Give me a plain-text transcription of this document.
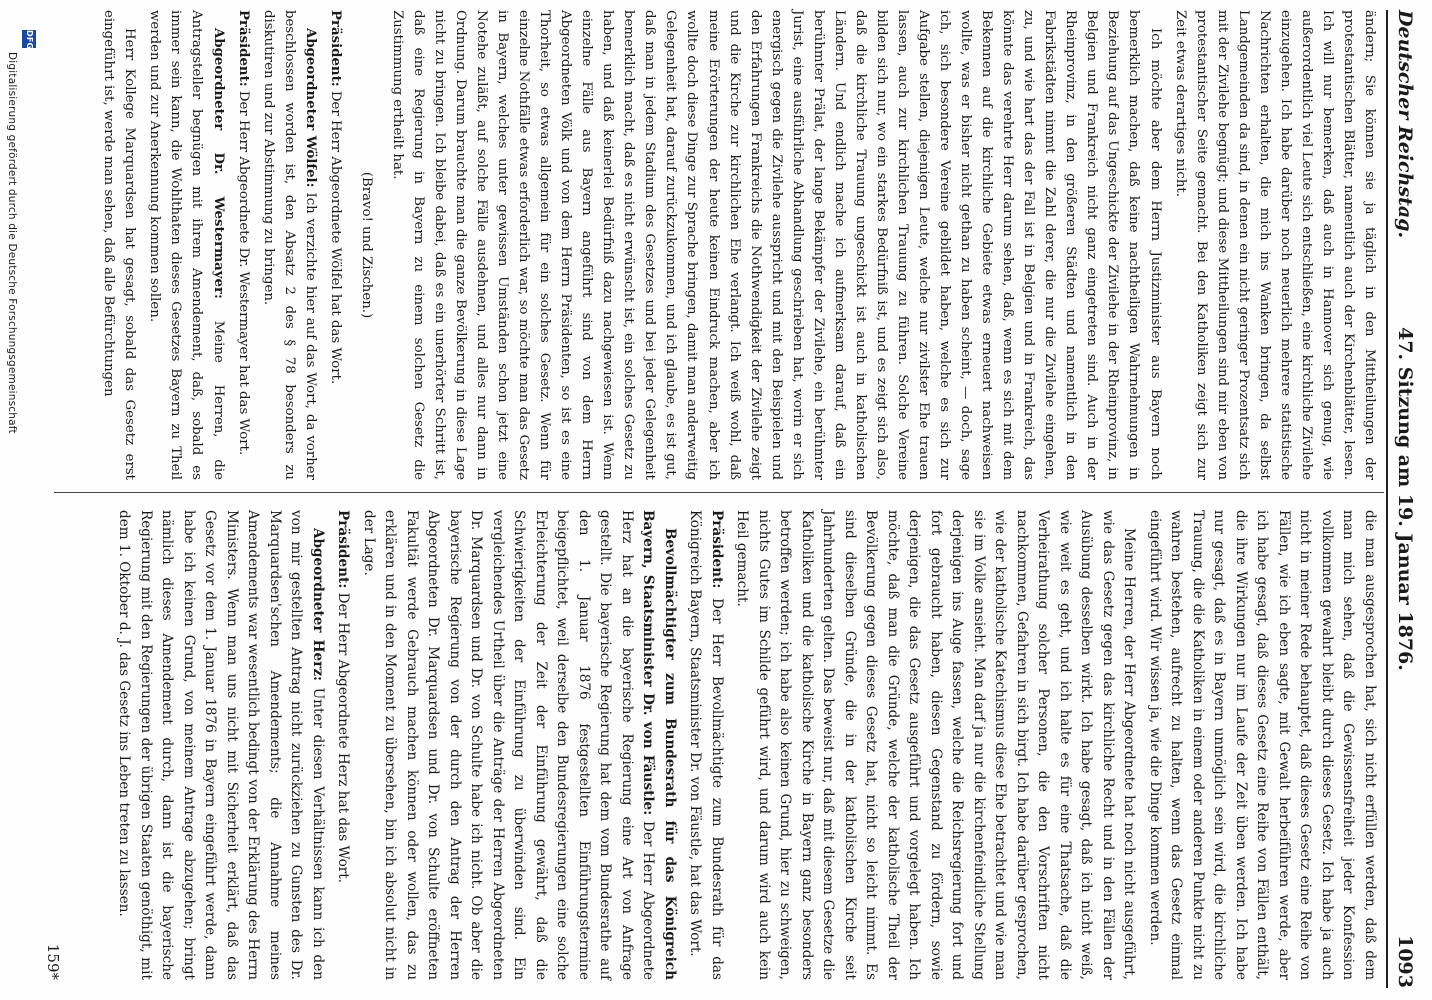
Deutscher Reichstag.
47. Sitzung am 19. Januar 1876.
1093

ändern; Sie können sie ja täglich in den Mittheilungen der protestantischen Blätter, namentlich auch der Kirchenblätter, lesen. Ich will nur bemerken, daß auch in Hannover sich genug, wie außerordentlich viel Leute sich entschließen, eine kirchliche Zivilehe einzugehen. Ich habe darüber noch neuerlich mehrere statistische Nachrichten erhalten, die mich ins Wanken bringen, da selbst Landgemeinden da sind, in denen ein nicht geringer Prozentsatz sich mit der Zivilehe begnügt; und diese Mittheilungen sind mir eben von protestantischer Seite gemacht. Bei den Katholiken zeigt sich zur Zeit etwas derartiges nicht.

Ich möchte aber dem Herrn Justizminister aus Bayern noch bemerklich machen, daß keine nachtheiligen Wahrnehmungen in Beziehung auf das Ungeschickte der Zivilehe in der Rheinprovinz, in Belgien und Frankreich nicht ganz eingetreten sind. Auch in der Rheinprovinz, in den größeren Städten und namentlich in den Fabrikstädten nimmt die Zahl derer, die nur die Zivilehe eingehen, zu, und wie hart das der Fall ist in Belgien und in Frankreich, das könnte das verehrte Herr darum sehen, daß, wenn es sich mit dem Bekennen auf die kirchliche Gebiete etwas erneuert nachweisen wollte, was er bisher nicht gethan zu haben scheint, — doch, sage ich, sich besondere Vereine gebildet haben, welche es sich zur Aufgabe stellen, diejenigen Leute, welche nur zivilster Ehe trauen lassen, auch zur kirchlichen Trauung zu führen. Solche Vereine bilden sich nur, wo ein starkes Bedürfniß ist, und es zeigt sich also, daß die kirchliche Trauung ungeschickt ist auch in katholischen Ländern. Und endlich mache ich aufmerksam darauf, daß ein berühmter Prälat, der lange Bekämpfer der Zivilehe, ein berühmter Jurist, eine ausführliche Abhandlung geschrieben hat, worin er sich energisch gegen die Zivilehe ausspricht und mit den Beispielen und den Erfahrungen Frankreichs die Nothwendigkeit der Zivilehe zeigt und die Kirche zur kirchlichen Ehe verlangt. Ich weiß wohl, daß meine Erörterungen der heute keinen Eindruck machen, aber ich wollte doch diese Dinge zur Sprache bringen, damit man anderweitig Gelegenheit hat, darauf zurückzukommen, und ich glaube, es ist gut, daß man in jedem Stadium des Gesetzes und bei jeder Gelegenheit bemerklich macht, daß es nicht erwünscht ist, ein solches Gesetz zu haben, und daß keinerlei Bedürfniß dazu nachgewiesen ist. Wenn einzelne Fälle aus Bayern angeführt sind von dem Herrn Abgeordneten Völk und von dem Herrn Präsidenten, so ist es eine Thorheit, so etwas allgemein für ein solches Gesetz. Wenn für einzelne Nothfälle etwas erforderlich war, so möchte man das Gesetz in Bayern, welches unter gewissen Umständen schon jetzt eine Notehe zuläßt, auf solche Fälle ausdehnen, und alles nur dann in Ordnung. Darum brauchte man die ganze Bevölkerung in diese Lage nicht zu bringen. Ich bleibe dabei, daß es ein unerhörter Schritt ist, daß eine Regierung in Bayern zu einem solchen Gesetz die Zustimmung ertheilt hat.

(Bravo! und Zischen.)

Präsident: Der Herr Abgeordnete Wölfel hat das Wort.

Abgeordneter Wölfel: Ich verzichte hier auf das Wort, da vorher beschlossen worden ist, den Absatz 2 des § 78 besonders zu diskutiren und zur Abstimmung zu bringen.

Präsident: Der Herr Abgeordnete Dr. Westermayer hat das Wort.

Abgeordneter Dr. Westermayer: Meine Herren, die Antragsteller begnügen mit ihrem Amendement, daß, sobald es immer sein kann, die Wohlthaten dieses Gesetzes Bayern zu Theil werden und zur Anerkennung kommen sollen.

Herr Kollege Marquardsen hat gesagt, sobald das Gesetz erst eingeführt ist, werde man sehen, daß alle Befürchtungen

die man ausgesprochen hat, sich nicht erfüllen werden, daß dem man mich sehen, daß die Gewissensfreiheit jeder Konfession vollkommen gewahrt bleibt durch dieses Gesetz. Ich habe ja auch nicht in meiner Rede behauptet, daß dieses Gesetz eine Reihe von Fällen, wie ich eben sagte, mit Gewalt herbeiführen werde, aber ich habe gesagt, daß dieses Gesetz eine Reihe von Fällen enthält, die ihre Wirkungen nur im Laufe der Zeit üben werden. Ich habe nur gesagt, daß es in Bayern unmöglich sein wird, die kirchliche Trauung, die die Katholiken in einem oder anderen Punkte nicht zu wahren bestehen, aufrecht zu halten, wenn das Gesetz einmal eingeführt wird. Wir wissen ja, wie die Dinge kommen werden.

Meine Herren, der Herr Abgeordnete hat noch nicht ausgeführt, wie das Gesetz gegen das kirchliche Recht und in den Fällen der Ausübung desselben wirkt. Ich habe gesagt, daß ich nicht weiß, wie weit es geht, und ich halte es für eine Thatsache, daß die Verheirathung solcher Personen, die den Vorschriften nicht nachkommen, Gefahren in sich birgt. Ich habe darüber gesprochen, wie der katholische Katechismus diese Ehe betrachtet und wie man sie im Volke ansieht. Man darf ja nur die kirchenfeindliche Stellung derjenigen ins Auge fassen, welche die Reichsregierung fort und fort gebraucht haben, diesen Gegenstand zu fördern, sowie derjenigen, die das Gesetz ausgeführt und vorgelegt haben. Ich möchte, daß man die Gründe, welche der katholische Theil der Bevölkerung gegen dieses Gesetz hat, nicht so leicht nimmt. Es sind dieselben Gründe, die in der katholischen Kirche seit Jahrhunderten gelten. Das beweist nur, daß mit diesem Gesetze die Katholiken und die katholische Kirche in Bayern ganz besonders betroffen werden; ich habe also keinen Grund, hier zu schweigen, nichts Gutes im Schilde geführt wird, und darum wird auch kein Heil gemacht.

Präsident: Der Herr Bevollmächtigte zum Bundesrath für das Königreich Bayern, Staatsminister Dr. von Fäustle, hat das Wort.

Bevollmächtigter zum Bundesrath für das Königreich Bayern, Staatsminister Dr. von Fäustle: Der Herr Abgeordnete Herz hat an die bayerische Regierung eine Art von Anfrage gestellt. Die bayerische Regierung hat dem vom Bundesrathe auf den 1. Januar 1876 festgestellten Einführungstermine beigepflichtet, weil derselbe den Bundesregierungen eine solche Erleichterung der Zeit der Einführung gewährt, daß die Schwierigkeiten der Einführung zu überwinden sind. Ein vergleichendes Urtheil über die Anträge der Herren Abgeordneten Dr. Marquardsen und Dr. von Schulte habe ich nicht. Ob aber die bayerische Regierung von der durch den Antrag der Herren Abgeordneten Dr. Marquardsen und Dr. von Schulte eröffneten Fakultät werde Gebrauch machen können oder wollen, das zu erklären und in den Moment zu übersehen, bin ich absolut nicht in der Lage.

Präsident: Der Herr Abgeordnete Herz hat das Wort.

Abgeordneter Herz: Unter diesen Verhältnissen kann ich den von mir gestellten Antrag nicht zurückziehen zu Gunsten des Dr. Marquardsen'schen Amendements; die Annahme meines Amendements war wesentlich bedingt von der Erklärung des Herrn Ministers. Wenn man uns nicht mit Sicherheit erklärt, daß das Gesetz vor dem 1. Januar 1876 in Bayern eingeführt werde, dann habe ich keinen Grund, von meinem Antrage abzugehen; bringt nämlich dieses Amendement durch, dann ist die bayerische Regierung mit den Regierungen der übrigen Staaten genöthigt, mit dem 1. Oktober d. J. das Gesetz ins Leben treten zu lassen.

159*
DFG
Digitalisierung gefördert durch die Deutsche Forschungsgemeinschaft
